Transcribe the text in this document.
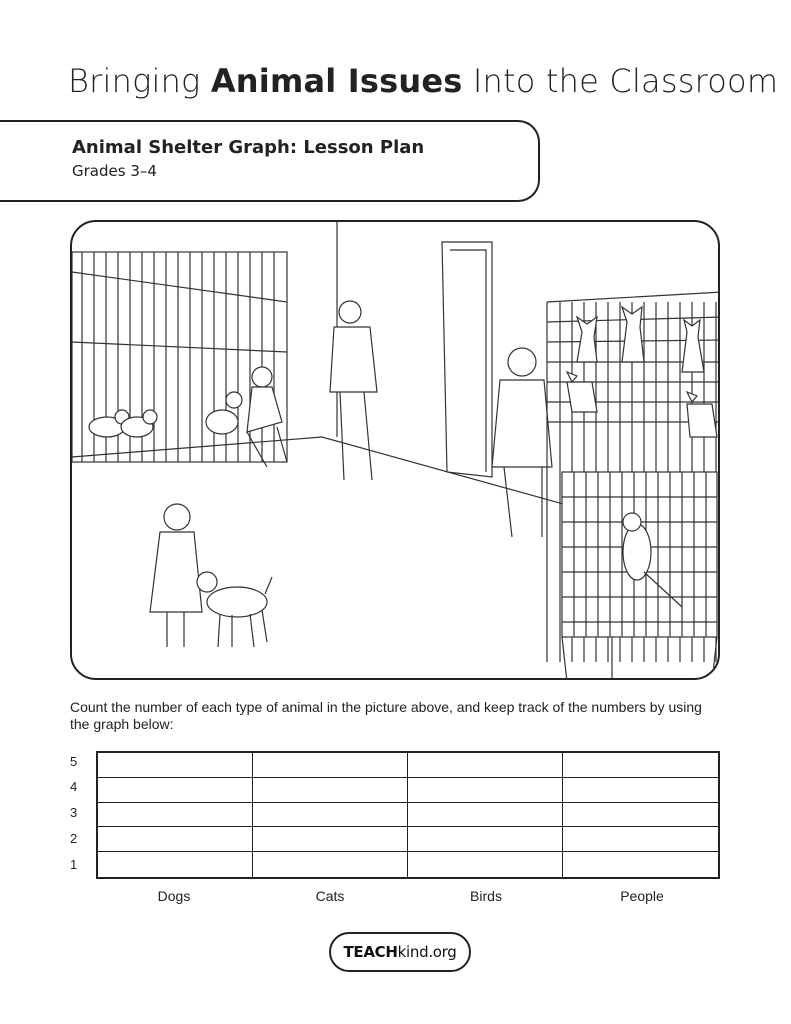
Bringing Animal Issues Into the Classroom
Animal Shelter Graph: Lesson Plan
Grades 3–4
Count the number of each type of animal in the picture above, and keep track of the numbers by using the graph below:
5
4
3
2
1
Dogs	Cats	Birds	People
TEACH kind.org
